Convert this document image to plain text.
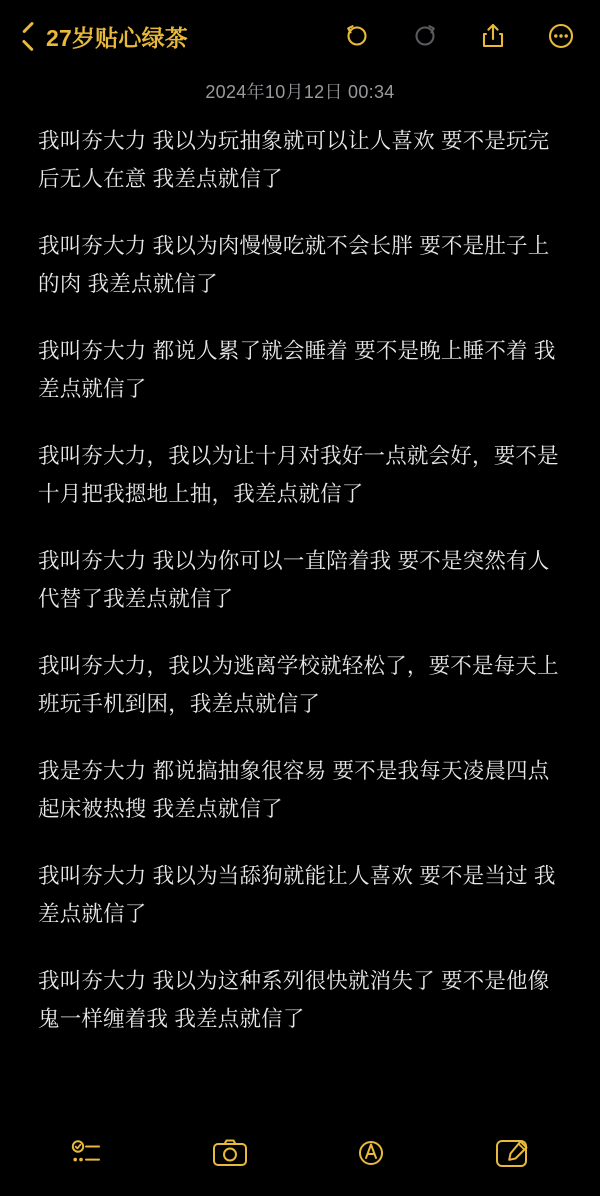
27岁贴心绿茶
2024年10月12日 00:34

我叫夯大力 我以为玩抽象就可以让人喜欢 要不是玩完后无人在意 我差点就信了

我叫夯大力 我以为肉慢慢吃就不会长胖 要不是肚子上的肉 我差点就信了

我叫夯大力 都说人累了就会睡着 要不是晚上睡不着 我差点就信了

我叫夯大力，我以为让十月对我好一点就会好，要不是十月把我摁地上抽，我差点就信了

我叫夯大力 我以为你可以一直陪着我 要不是突然有人代替了我差点就信了

我叫夯大力，我以为逃离学校就轻松了，要不是每天上班玩手机到困，我差点就信了

我是夯大力 都说搞抽象很容易 要不是我每天凌晨四点起床被热搜 我差点就信了

我叫夯大力 我以为当舔狗就能让人喜欢 要不是当过 我差点就信了

我叫夯大力 我以为这种系列很快就消失了 要不是他像鬼一样缠着我 我差点就信了
